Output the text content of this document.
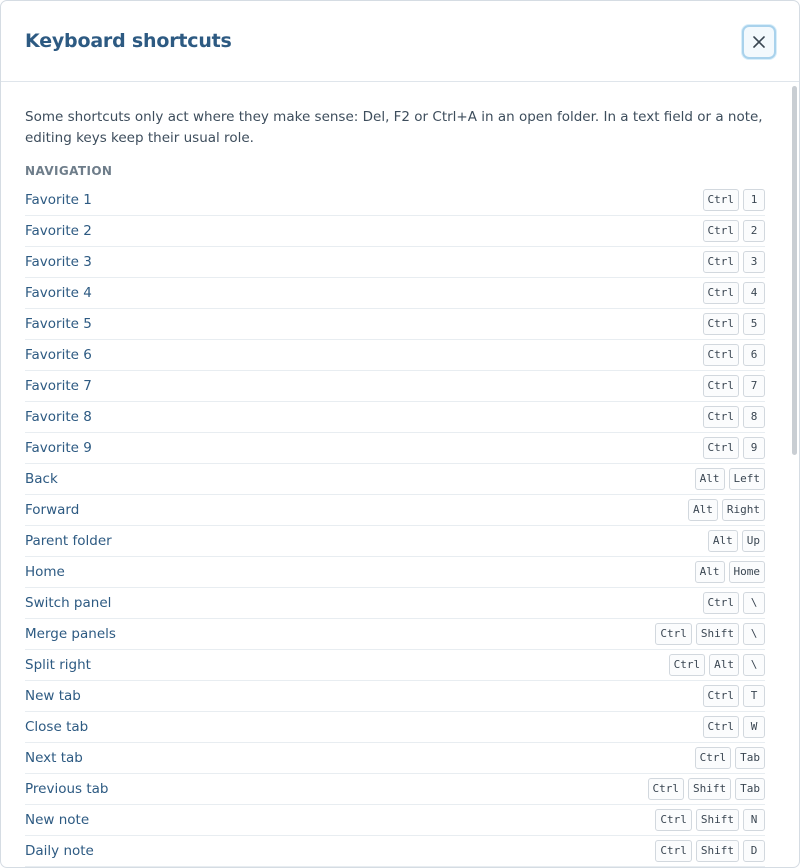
Keyboard shortcuts

Some shortcuts only act where they make sense: Del, F2 or Ctrl+A in an open folder. In a text field or a note, editing keys keep their usual role.

NAVIGATION
Favorite 1	Ctrl	1
Favorite 2	Ctrl	2
Favorite 3	Ctrl	3
Favorite 4	Ctrl	4
Favorite 5	Ctrl	5
Favorite 6	Ctrl	6
Favorite 7	Ctrl	7
Favorite 8	Ctrl	8
Favorite 9	Ctrl	9
Back	Alt	Left
Forward	Alt	Right
Parent folder	Alt	Up
Home	Alt	Home
Switch panel	Ctrl	\
Merge panels	Ctrl	Shift	\
Split right	Ctrl	Alt	\
New tab	Ctrl	T
Close tab	Ctrl	W
Next tab	Ctrl	Tab
Previous tab	Ctrl	Shift	Tab
New note	Ctrl	Shift	N
Daily note	Ctrl	Shift	D
